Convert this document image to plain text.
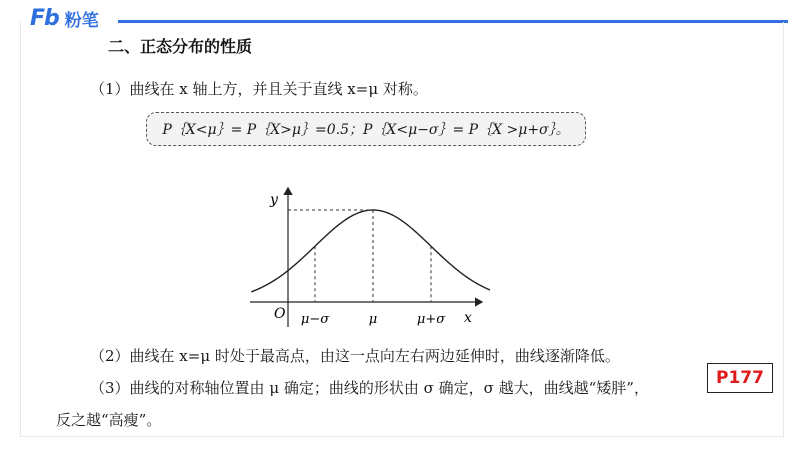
Fb 粉笔
二、正态分布的性质
（1）曲线在 x 轴上方，并且关于直线 x=μ 对称。
P｛X<μ｝= P｛X>μ｝=0.5；P｛X<μ−σ｝= P｛X >μ+σ｝。
μ−σ	μ	μ+σ
O	x
y
（2）曲线在 x=μ 时处于最高点，由这一点向左右两边延伸时，曲线逐渐降低。
（3）曲线的对称轴位置由 μ 确定；曲线的形状由 σ 确定，σ 越大，曲线越“矮胖”，
反之越“高瘦”。
P177
